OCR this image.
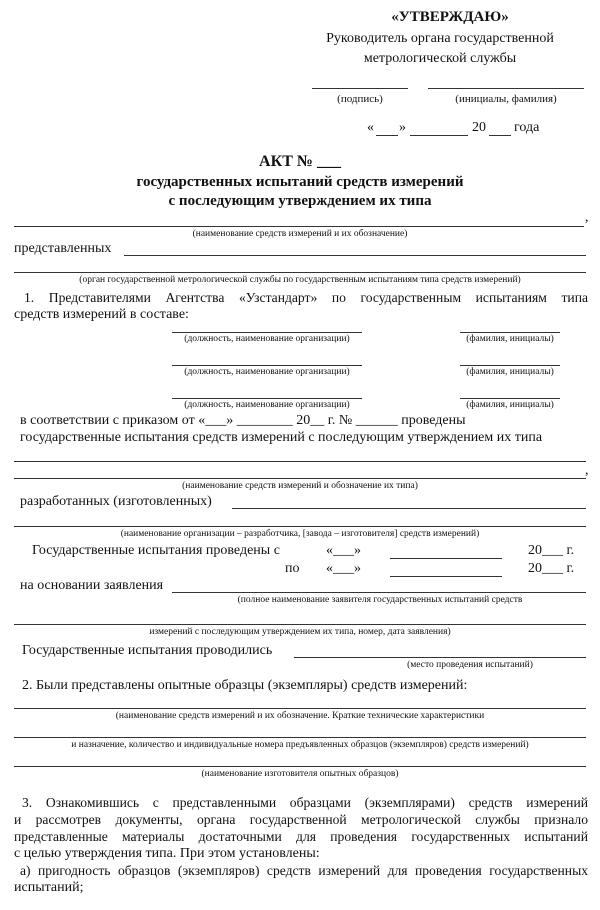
«УТВЕРЖДАЮ»
Руководитель органа государственной
метрологической службы
(подпись)	(инициалы, фамилия)
« »	20 года
АКТ № ___
государственных испытаний средств измерений
с последующим утверждением их типа
,
(наименование средств измерений и их обозначение)
представленных
(орган государственной метрологической службы по государственным испытаниям типа средств измерений)
1. Представителями Агентства «Узстандарт» по государственным испытаниям типа
средств измерений в составе:
(должность, наименование организации)	(фамилия, инициалы)
(должность, наименование организации)	(фамилия, инициалы)
(должность, наименование организации)	(фамилия, инициалы)
в соответствии с приказом от «___» ________ 20__ г. № ______ проведены
государственные испытания средств измерений с последующим утверждением их типа
,
(наименование средств измерений и обозначение их типа)
разработанных (изготовленных)
(наименование организации – разработчика, [завода – изготовителя] средств измерений)
Государственные испытания проведены с	«___»	20___ г.
по «___»	20___ г.
на основании заявления
(полное наименование заявителя государственных испытаний средств
измерений с последующим утверждением их типа, номер, дата заявления)
Государственные испытания проводились
(место проведения испытаний)
2. Были представлены опытные образцы (экземпляры) средств измерений:
(наименование средств измерений и их обозначение. Краткие технические характеристики
и назначение, количество и индивидуальные номера предъявленных образцов (экземпляров) средств измерений)
(наименование изготовителя опытных образцов)
3. Ознакомившись с представленными образцами (экземплярами) средств измерений
и рассмотрев документы, органа государственной метрологической службы признало
представленные материалы достаточными для проведения государственных испытаний
с целью утверждения типа. При этом установлены:
а) пригодность образцов (экземпляров) средств измерений для проведения государственных
испытаний;
